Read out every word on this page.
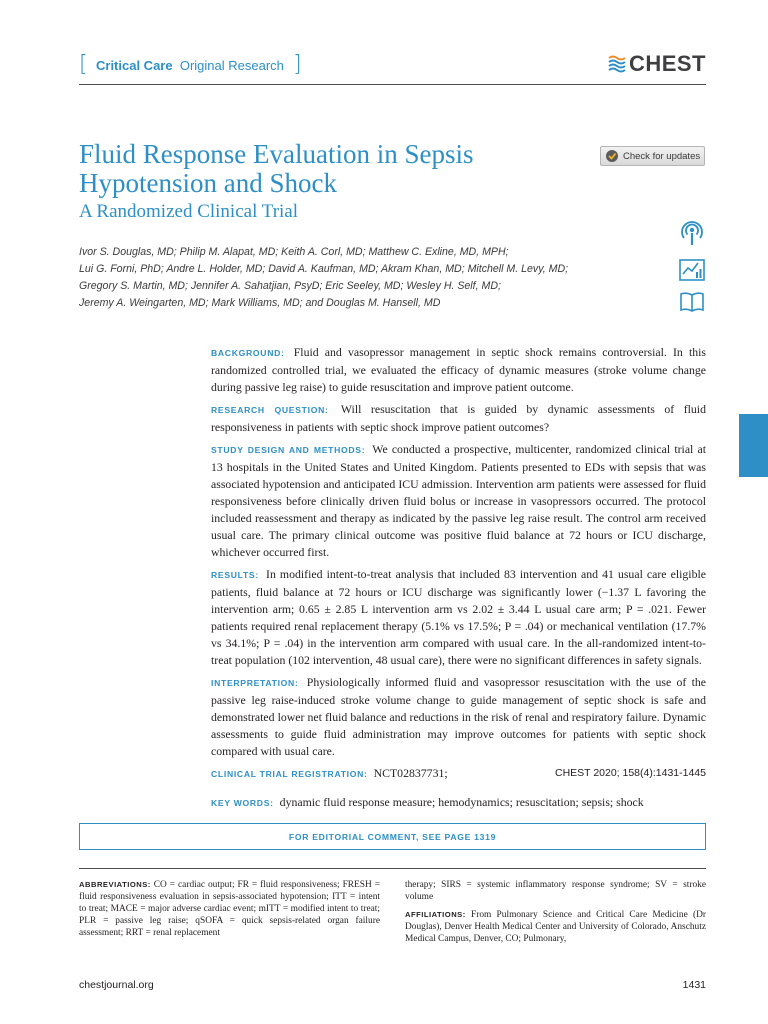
[ Critical Care Original Research ]	CHEST
Fluid Response Evaluation in Sepsis Hypotension and Shock
A Randomized Clinical Trial
Check for updates
Ivor S. Douglas, MD; Philip M. Alapat, MD; Keith A. Corl, MD; Matthew C. Exline, MD, MPH;
Lui G. Forni, PhD; Andre L. Holder, MD; David A. Kaufman, MD; Akram Khan, MD; Mitchell M. Levy, MD;
Gregory S. Martin, MD; Jennifer A. Sahatjian, PsyD; Eric Seeley, MD; Wesley H. Self, MD;
Jeremy A. Weingarten, MD; Mark Williams, MD; and Douglas M. Hansell, MD

BACKGROUND: Fluid and vasopressor management in septic shock remains controversial. In this randomized controlled trial, we evaluated the efficacy of dynamic measures (stroke volume change during passive leg raise) to guide resuscitation and improve patient outcome.

RESEARCH QUESTION: Will resuscitation that is guided by dynamic assessments of fluid responsiveness in patients with septic shock improve patient outcomes?

STUDY DESIGN AND METHODS: We conducted a prospective, multicenter, randomized clinical trial at 13 hospitals in the United States and United Kingdom. Patients presented to EDs with sepsis that was associated hypotension and anticipated ICU admission. Intervention arm patients were assessed for fluid responsiveness before clinically driven fluid bolus or increase in vasopressors occurred. The protocol included reassessment and therapy as indicated by the passive leg raise result. The control arm received usual care. The primary clinical outcome was positive fluid balance at 72 hours or ICU discharge, whichever occurred first.

RESULTS: In modified intent-to-treat analysis that included 83 intervention and 41 usual care eligible patients, fluid balance at 72 hours or ICU discharge was significantly lower (−1.37 L favoring the intervention arm; 0.65 ± 2.85 L intervention arm vs 2.02 ± 3.44 L usual care arm; P = .021. Fewer patients required renal replacement therapy (5.1% vs 17.5%; P = .04) or mechanical ventilation (17.7% vs 34.1%; P = .04) in the intervention arm compared with usual care. In the all-randomized intent-to-treat population (102 intervention, 48 usual care), there were no significant differences in safety signals.

INTERPRETATION: Physiologically informed fluid and vasopressor resuscitation with the use of the passive leg raise-induced stroke volume change to guide management of septic shock is safe and demonstrated lower net fluid balance and reductions in the risk of renal and respiratory failure. Dynamic assessments to guide fluid administration may improve outcomes for patients with septic shock compared with usual care.

CLINICAL TRIAL REGISTRATION: NCT02837731;	CHEST 2020; 158(4):1431-1445

KEY WORDS: dynamic fluid response measure; hemodynamics; resuscitation; sepsis; shock

FOR EDITORIAL COMMENT, SEE PAGE 1319
ABBREVIATIONS: CO = cardiac output; FR = fluid responsiveness; FRESH = fluid responsiveness evaluation in sepsis-associated hypotension; ITT = intent to treat; MACE = major adverse cardiac event; mITT = modified intent to treat; PLR = passive leg raise; qSOFA = quick sepsis-related organ failure assessment; RRT = renal replacement
therapy; SIRS = systemic inflammatory response syndrome; SV = stroke volume
AFFILIATIONS: From Pulmonary Science and Critical Care Medicine (Dr Douglas), Denver Health Medical Center and University of Colorado, Anschutz Medical Campus, Denver, CO; Pulmonary,
chestjournal.org	1431
